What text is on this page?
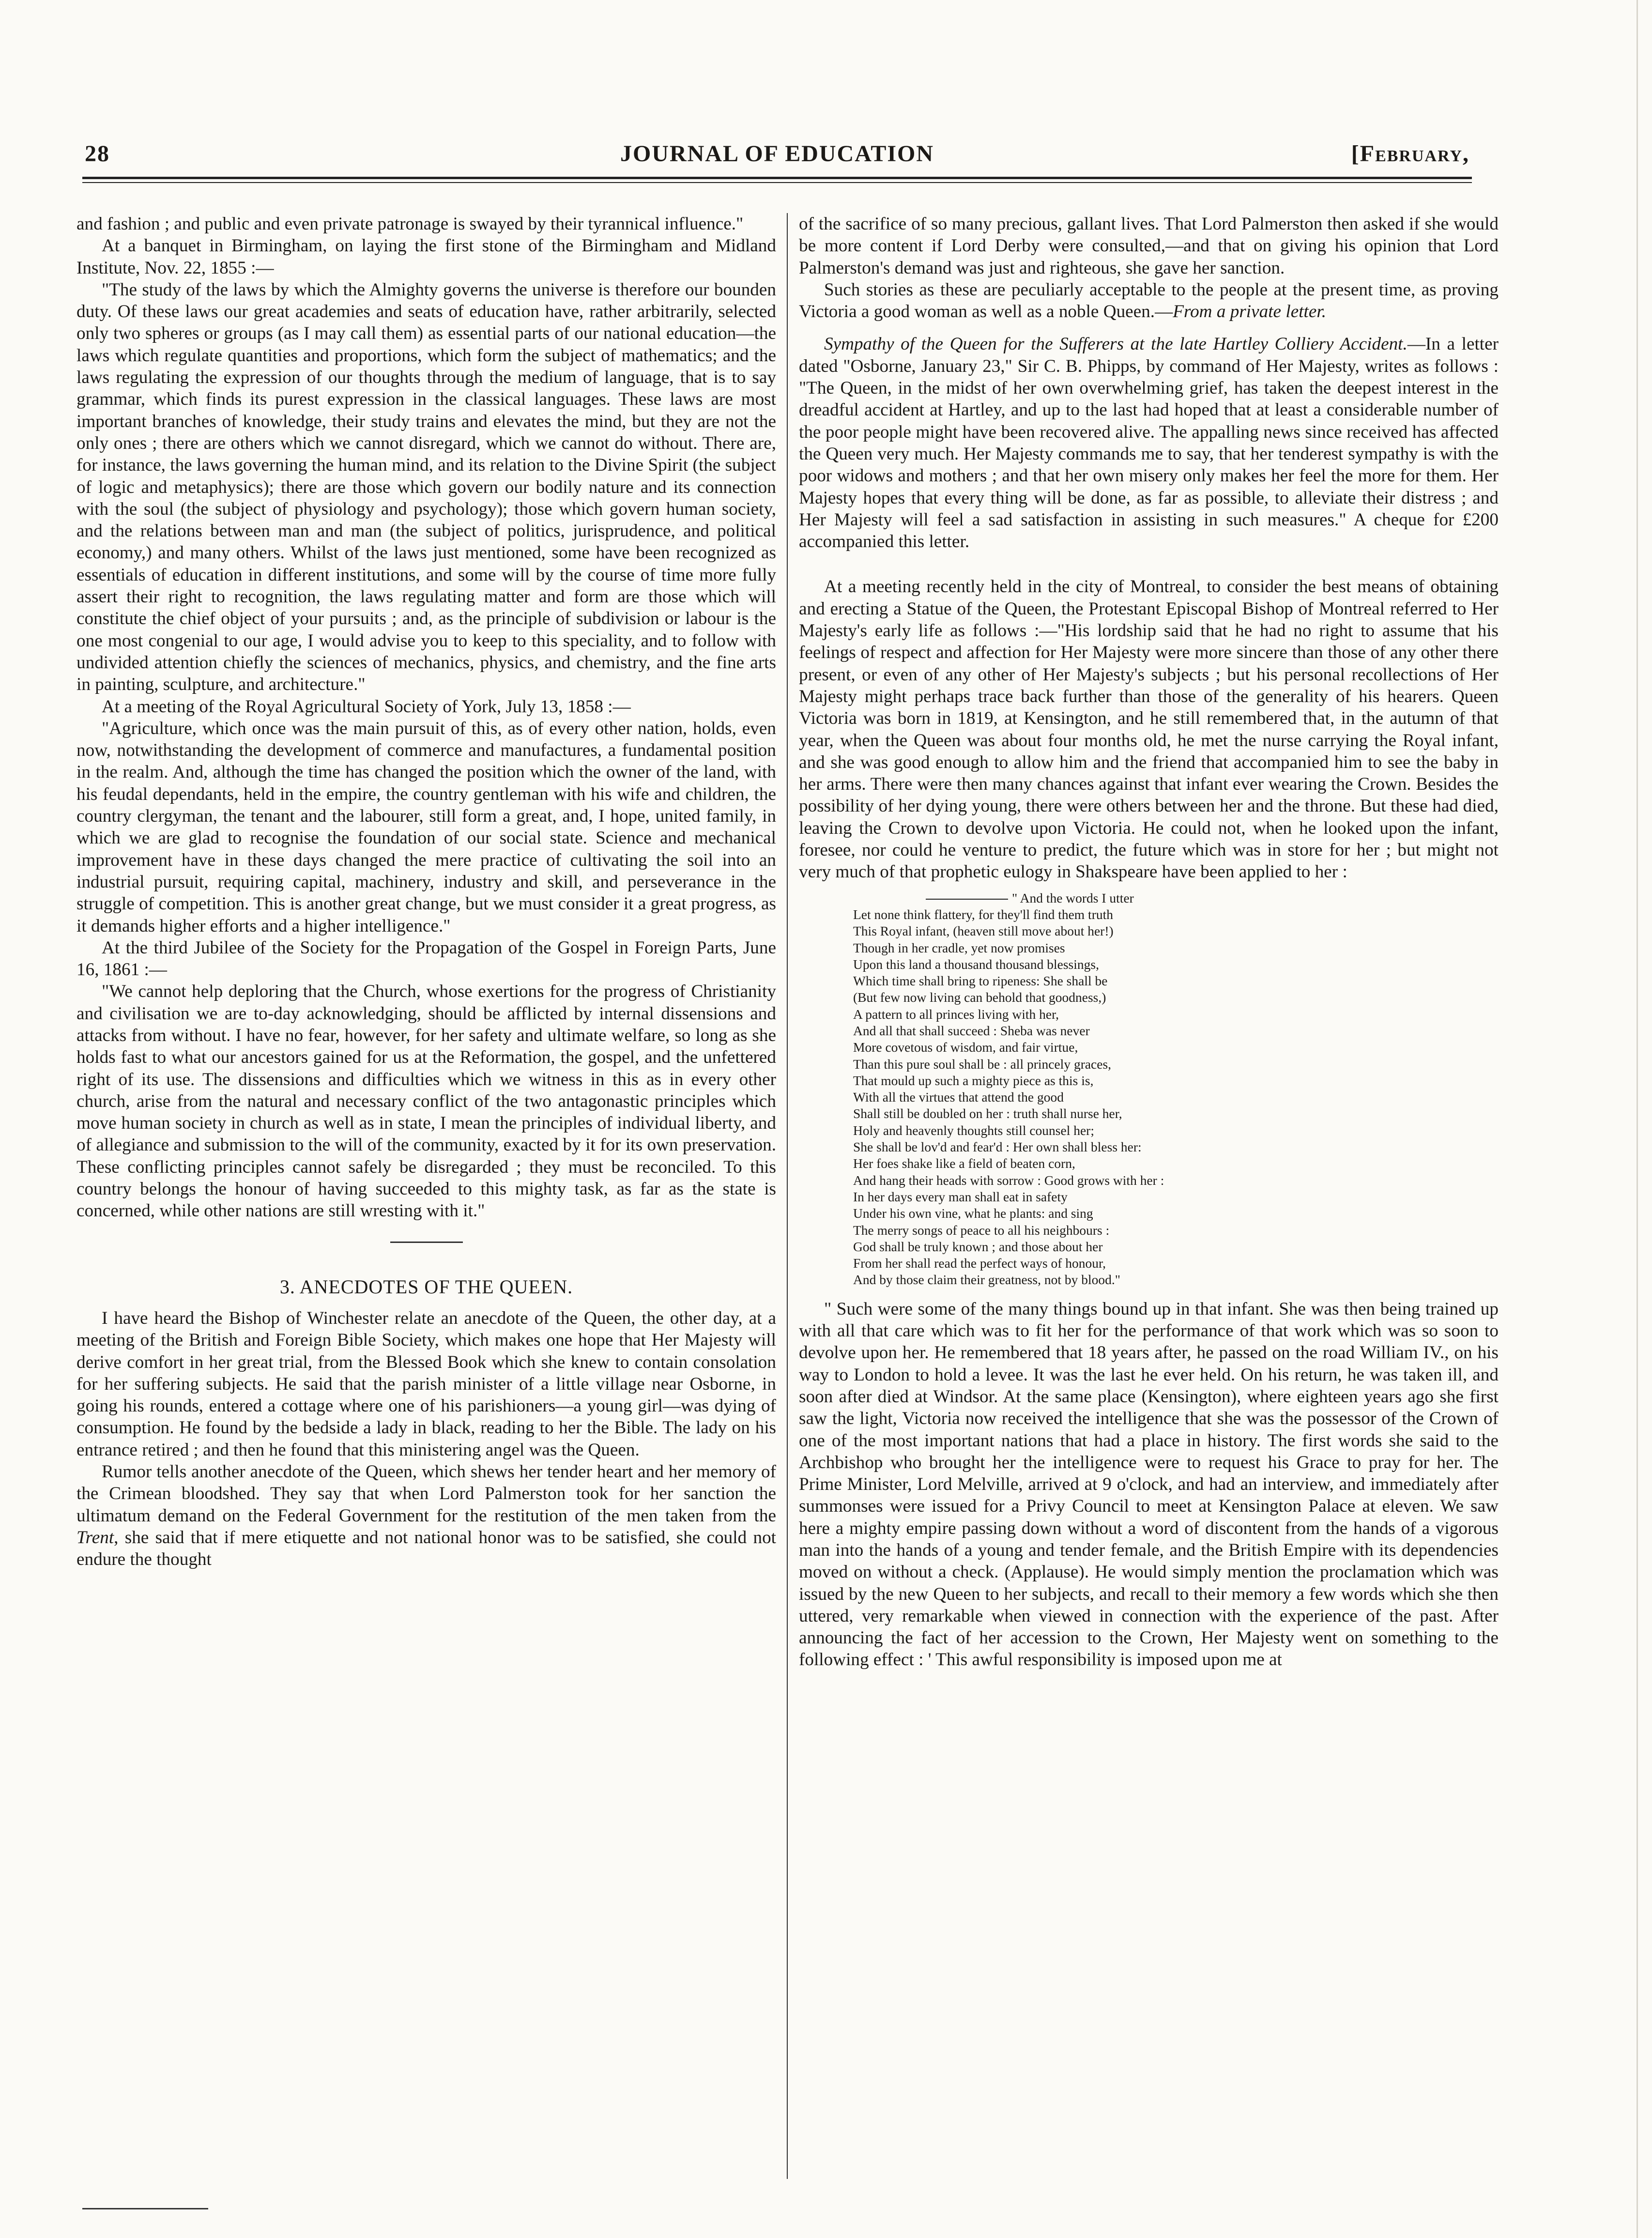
28	JOURNAL OF EDUCATION	[February,

and fashion ; and public and even private patronage is swayed by their tyrannical influence."

At a banquet in Birmingham, on laying the first stone of the Birmingham and Midland Institute, Nov. 22, 1855 :—

"The study of the laws by which the Almighty governs the universe is therefore our bounden duty. Of these laws our great academies and seats of education have, rather arbitrarily, selected only two spheres or groups (as I may call them) as essential parts of our national education—the laws which regulate quantities and proportions, which form the subject of mathematics; and the laws regulating the expression of our thoughts through the medium of language, that is to say grammar, which finds its purest expression in the classical languages. These laws are most important branches of knowledge, their study trains and elevates the mind, but they are not the only ones ; there are others which we cannot disregard, which we cannot do without. There are, for instance, the laws governing the human mind, and its relation to the Divine Spirit (the subject of logic and metaphysics); there are those which govern our bodily nature and its connection with the soul (the subject of physiology and psychology); those which govern human society, and the relations between man and man (the subject of politics, jurisprudence, and political economy,) and many others. Whilst of the laws just mentioned, some have been recognized as essentials of education in different institutions, and some will by the course of time more fully assert their right to recognition, the laws regulating matter and form are those which will constitute the chief object of your pursuits ; and, as the principle of subdivision or labour is the one most congenial to our age, I would advise you to keep to this speciality, and to follow with undivided attention chiefly the sciences of mechanics, physics, and chemistry, and the fine arts in painting, sculpture, and architecture."

At a meeting of the Royal Agricultural Society of York, July 13, 1858 :—

"Agriculture, which once was the main pursuit of this, as of every other nation, holds, even now, notwithstanding the development of commerce and manufactures, a fundamental position in the realm. And, although the time has changed the position which the owner of the land, with his feudal dependants, held in the empire, the country gentleman with his wife and children, the country clergyman, the tenant and the labourer, still form a great, and, I hope, united family, in which we are glad to recognise the foundation of our social state. Science and mechanical improvement have in these days changed the mere practice of cultivating the soil into an industrial pursuit, requiring capital, machinery, industry and skill, and perseverance in the struggle of competition. This is another great change, but we must consider it a great progress, as it demands higher efforts and a higher intelligence."

At the third Jubilee of the Society for the Propagation of the Gospel in Foreign Parts, June 16, 1861 :—

"We cannot help deploring that the Church, whose exertions for the progress of Christianity and civilisation we are to-day acknowledging, should be afflicted by internal dissensions and attacks from without. I have no fear, however, for her safety and ultimate welfare, so long as she holds fast to what our ancestors gained for us at the Reformation, the gospel, and the unfettered right of its use. The dissensions and difficulties which we witness in this as in every other church, arise from the natural and necessary conflict of the two antagonastic principles which move human society in church as well as in state, I mean the principles of individual liberty, and of allegiance and submission to the will of the community, exacted by it for its own preservation. These conflicting principles cannot safely be disregarded ; they must be reconciled. To this country belongs the honour of having succeeded to this mighty task, as far as the state is concerned, while other nations are still wresting with it."

3. ANECDOTES OF THE QUEEN.

I have heard the Bishop of Winchester relate an anecdote of the Queen, the other day, at a meeting of the British and Foreign Bible Society, which makes one hope that Her Majesty will derive comfort in her great trial, from the Blessed Book which she knew to contain consolation for her suffering subjects. He said that the parish minister of a little village near Osborne, in going his rounds, entered a cottage where one of his parishioners—a young girl—was dying of consumption. He found by the bedside a lady in black, reading to her the Bible. The lady on his entrance retired ; and then he found that this ministering angel was the Queen.

Rumor tells another anecdote of the Queen, which shews her tender heart and her memory of the Crimean bloodshed. They say that when Lord Palmerston took for her sanction the ultimatum demand on the Federal Government for the restitution of the men taken from the Trent, she said that if mere etiquette and not national honor was to be satisfied, she could not endure the thought

of the sacrifice of so many precious, gallant lives. That Lord Palmerston then asked if she would be more content if Lord Derby were consulted,—and that on giving his opinion that Lord Palmerston's demand was just and righteous, she gave her sanction.

Such stories as these are peculiarly acceptable to the people at the present time, as proving Victoria a good woman as well as a noble Queen.—From a private letter.

Sympathy of the Queen for the Sufferers at the late Hartley Colliery Accident.—In a letter dated "Osborne, January 23," Sir C. B. Phipps, by command of Her Majesty, writes as follows : "The Queen, in the midst of her own overwhelming grief, has taken the deepest interest in the dreadful accident at Hartley, and up to the last had hoped that at least a considerable number of the poor people might have been recovered alive. The appalling news since received has affected the Queen very much. Her Majesty commands me to say, that her tenderest sympathy is with the poor widows and mothers ; and that her own misery only makes her feel the more for them. Her Majesty hopes that every thing will be done, as far as possible, to alleviate their distress ; and Her Majesty will feel a sad satisfaction in assisting in such measures." A cheque for £200 accompanied this letter.

At a meeting recently held in the city of Montreal, to consider the best means of obtaining and erecting a Statue of the Queen, the Protestant Episcopal Bishop of Montreal referred to Her Majesty's early life as follows :—"His lordship said that he had no right to assume that his feelings of respect and affection for Her Majesty were more sincere than those of any other there present, or even of any other of Her Majesty's subjects ; but his personal recollections of Her Majesty might perhaps trace back further than those of the generality of his hearers. Queen Victoria was born in 1819, at Kensington, and he still remembered that, in the autumn of that year, when the Queen was about four months old, he met the nurse carrying the Royal infant, and she was good enough to allow him and the friend that accompanied him to see the baby in her arms. There were then many chances against that infant ever wearing the Crown. Besides the possibility of her dying young, there were others between her and the throne. But these had died, leaving the Crown to devolve upon Victoria. He could not, when he looked upon the infant, foresee, nor could he venture to predict, the future which was in store for her ; but might not very much of that prophetic eulogy in Shakspeare have been applied to her :

" And the words I utter
Let none think flattery, for they'll find them truth
This Royal infant, (heaven still move about her!)
Though in her cradle, yet now promises
Upon this land a thousand thousand blessings,
Which time shall bring to ripeness: She shall be
(But few now living can behold that goodness,)
A pattern to all princes living with her,
And all that shall succeed : Sheba was never
More covetous of wisdom, and fair virtue,
Than this pure soul shall be : all princely graces,
That mould up such a mighty piece as this is,
With all the virtues that attend the good
Shall still be doubled on her : truth shall nurse her,
Holy and heavenly thoughts still counsel her;
She shall be lov'd and fear'd : Her own shall bless her:
Her foes shake like a field of beaten corn,
And hang their heads with sorrow : Good grows with her :
In her days every man shall eat in safety
Under his own vine, what he plants: and sing
The merry songs of peace to all his neighbours :
God shall be truly known ; and those about her
From her shall read the perfect ways of honour,
And by those claim their greatness, not by blood."

" Such were some of the many things bound up in that infant. She was then being trained up with all that care which was to fit her for the performance of that work which was so soon to devolve upon her. He remembered that 18 years after, he passed on the road William IV., on his way to London to hold a levee. It was the last he ever held. On his return, he was taken ill, and soon after died at Windsor. At the same place (Kensington), where eighteen years ago she first saw the light, Victoria now received the intelligence that she was the possessor of the Crown of one of the most important nations that had a place in history. The first words she said to the Archbishop who brought her the intelligence were to request his Grace to pray for her. The Prime Minister, Lord Melville, arrived at 9 o'clock, and had an interview, and immediately after summonses were issued for a Privy Council to meet at Kensington Palace at eleven. We saw here a mighty empire passing down without a word of discontent from the hands of a vigorous man into the hands of a young and tender female, and the British Empire with its dependencies moved on without a check. (Applause). He would simply mention the proclamation which was issued by the new Queen to her subjects, and recall to their memory a few words which she then uttered, very remarkable when viewed in connection with the experience of the past. After announcing the fact of her accession to the Crown, Her Majesty went on something to the following effect : ' This awful responsibility is imposed upon me at
